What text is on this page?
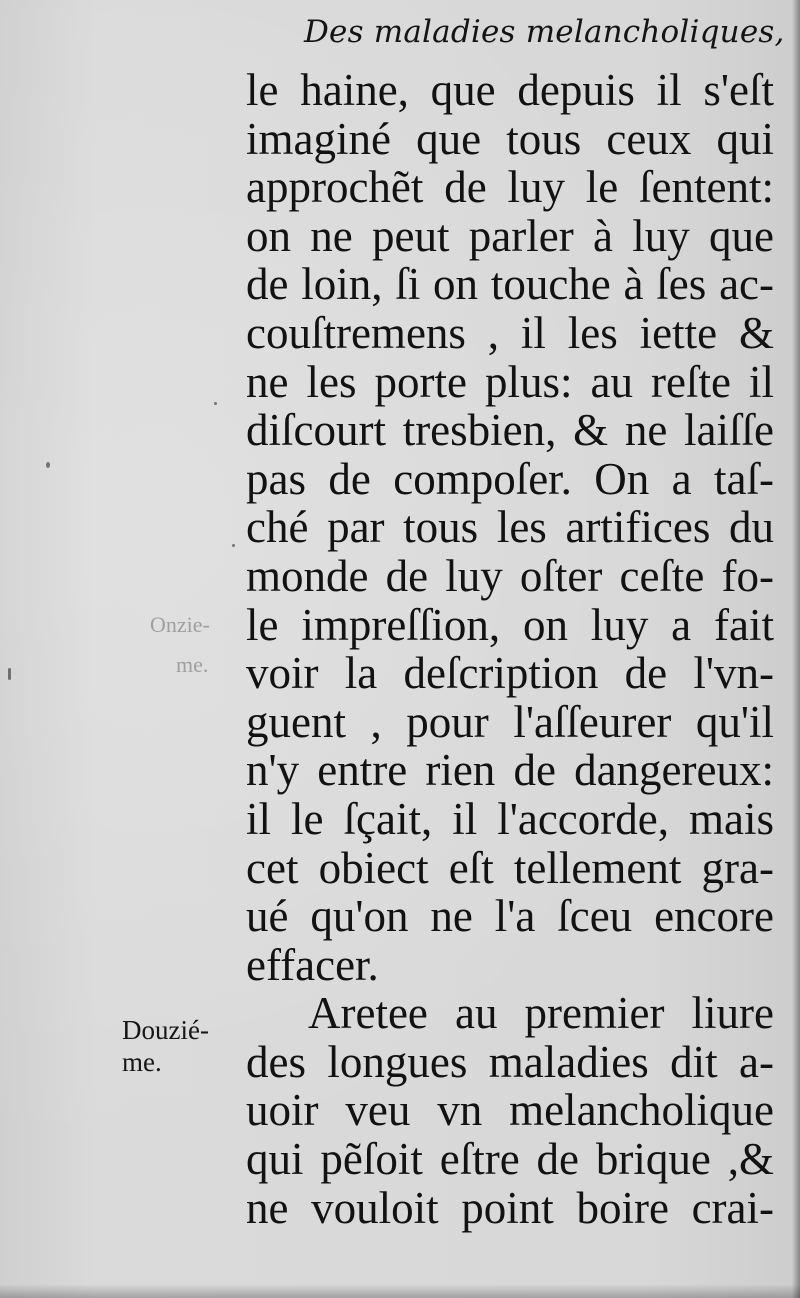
Des maladies melancholiques,
le haine, que depuis il s'eſt
imaginé que tous ceux qui
approchẽt de luy le ſentent:
on ne peut parler à luy que
de loin, ſi on touche à ſes ac-
couſtremens , il les iette &
ne les porte plus: au reſte il
diſcourt tresbien, & ne laiſſe
pas de compoſer. On a taſ-
ché par tous les artifices du
monde de luy oſter ceſte fo-
le impreſſion, on luy a fait
voir la deſcription de l'vn-
guent , pour l'aſſeurer qu'il
n'y entre rien de dangereux:
il le ſçait, il l'accorde, mais
cet obiect eſt tellement gra-
ué qu'on ne l'a ſceu encore
effacer.
Aretee au premier liure
des longues maladies dit a-
uoir veu vn melancholique
qui pẽſoit eſtre de brique ,&
ne vouloit point boire crai-
Douzié-
me.
Onzie-
me.
